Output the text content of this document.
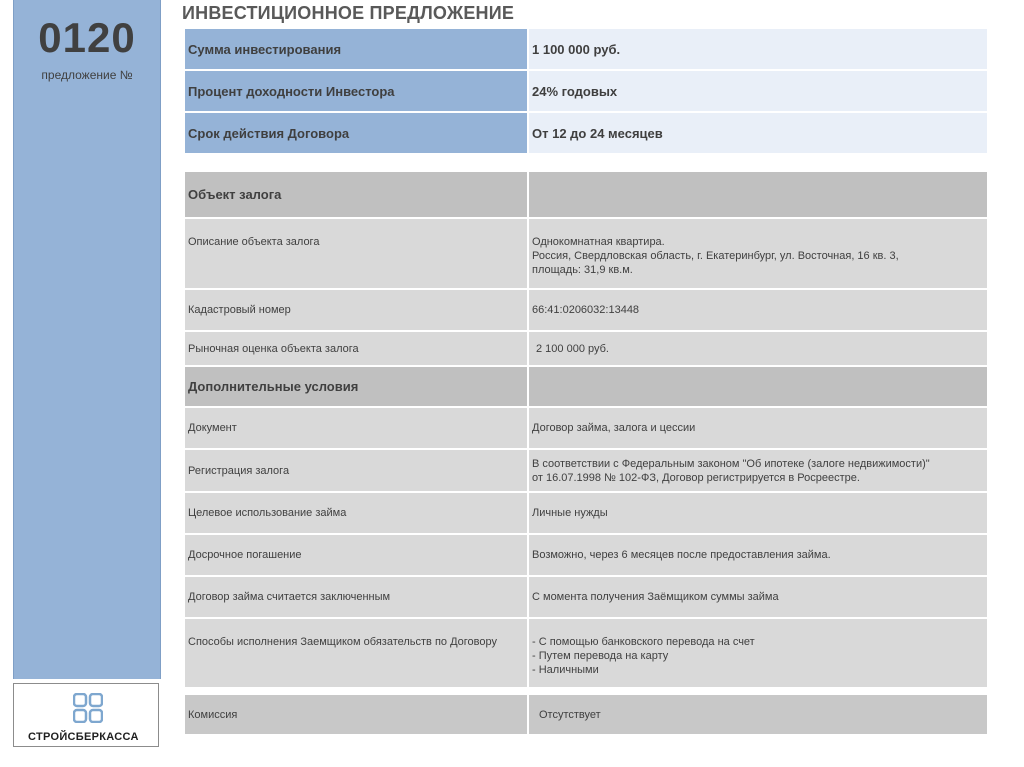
0120
предложение №
СТРОЙСБЕРКАССА
ИНВЕСТИЦИОННОЕ ПРЕДЛОЖЕНИЕ
Сумма инвестирования	1 100 000 руб.
Процент доходности Инвестора	24% годовых
Срок действия Договора	От 12 до 24 месяцев
Объект залога	
Описание объекта залога	Однокомнатная квартира.
Россия, Свердловская область, г. Екатеринбург, ул. Восточная, 16 кв. 3,
площадь: 31,9 кв.м.

Кадастровый номер	66:41:0206032:13448
Рыночная оценка объекта залога	2 100 000 руб.
Дополнительные условия	
Документ	Договор займа, залога и цессии
Регистрация залога	В соответствии с Федеральным законом "Об ипотеке (залоге недвижимости)"
от 16.07.1998 № 102-ФЗ, Договор регистрируется в Росреестре.

Целевое использование займа	Личные нужды
Досрочное погашение	Возможно, через 6 месяцев после предоставления займа.
Договор займа считается заключенным	С момента получения Заёмщиком суммы займа
Способы исполнения Заемщиком обязательств по Договору	- С помощью банковского перевода на счет
- Путем перевода на карту
- Наличными

Комиссия	Отсутствует
